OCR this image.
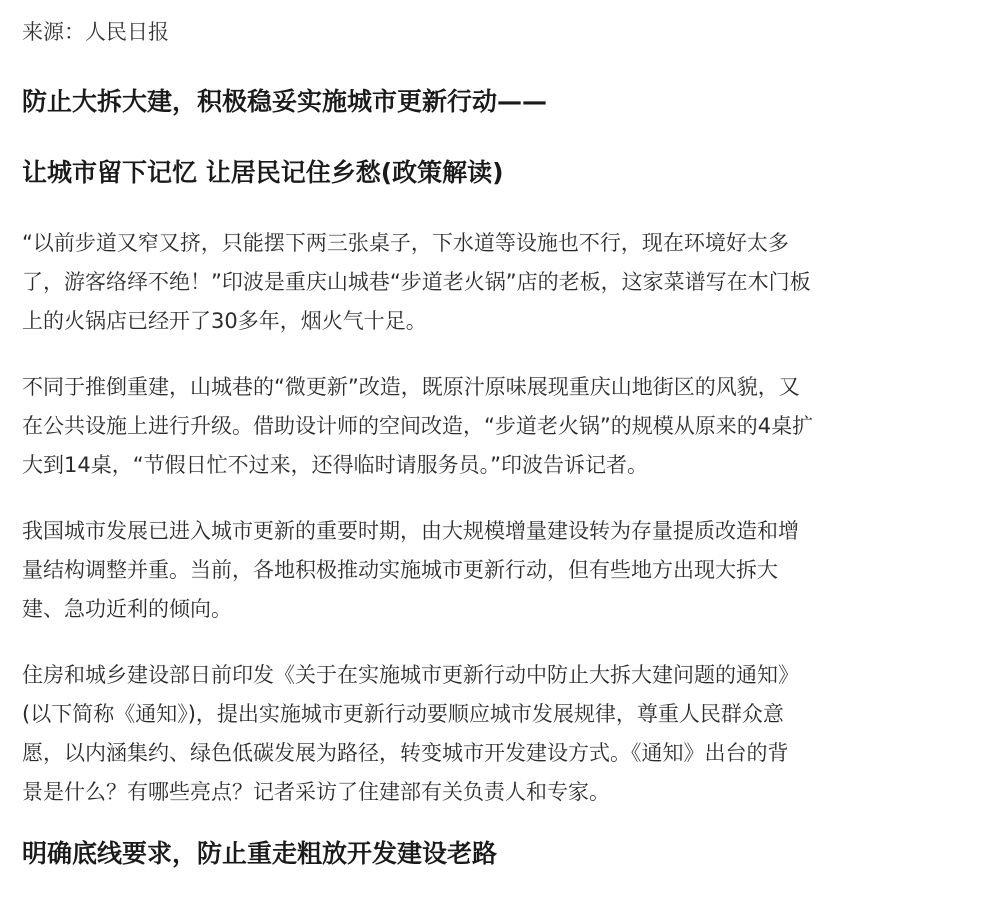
来源：人民日报
防止大拆大建，积极稳妥实施城市更新行动——
让城市留下记忆 让居民记住乡愁(政策解读)
“以前步道又窄又挤，只能摆下两三张桌子，下水道等设施也不行，现在环境好太多
了，游客络绎不绝！”印波是重庆山城巷“步道老火锅”店的老板，这家菜谱写在木门板
上的火锅店已经开了30多年，烟火气十足。
不同于推倒重建，山城巷的“微更新”改造，既原汁原味展现重庆山地街区的风貌，又
在公共设施上进行升级。借助设计师的空间改造，“步道老火锅”的规模从原来的4桌扩
大到14桌，“节假日忙不过来，还得临时请服务员。”印波告诉记者。
我国城市发展已进入城市更新的重要时期，由大规模增量建设转为存量提质改造和增
量结构调整并重。当前，各地积极推动实施城市更新行动，但有些地方出现大拆大
建、急功近利的倾向。
住房和城乡建设部日前印发《关于在实施城市更新行动中防止大拆大建问题的通知》
(以下简称《通知》)，提出实施城市更新行动要顺应城市发展规律，尊重人民群众意
愿，以内涵集约、绿色低碳发展为路径，转变城市开发建设方式。《通知》出台的背
景是什么？有哪些亮点？记者采访了住建部有关负责人和专家。
明确底线要求，防止重走粗放开发建设老路
